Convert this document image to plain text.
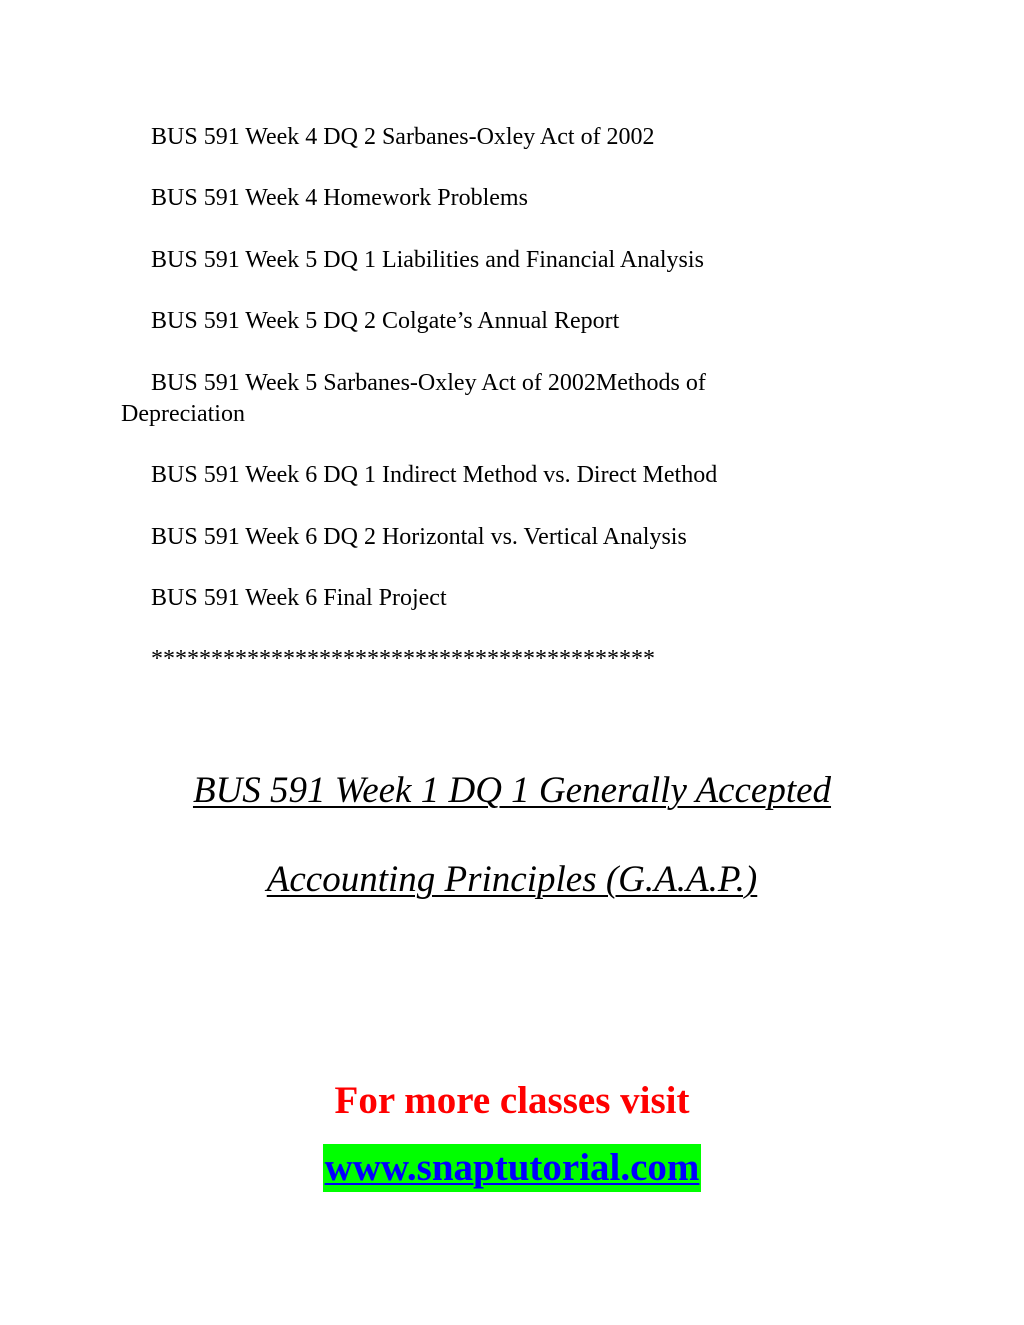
BUS 591 Week 4 DQ 2 Sarbanes-Oxley Act of 2002
BUS 591 Week 4 Homework Problems
BUS 591 Week 5 DQ 1 Liabilities and Financial Analysis
BUS 591 Week 5 DQ 2 Colgate’s Annual Report
BUS 591 Week 5 Sarbanes-Oxley Act of 2002Methods of Depreciation
BUS 591 Week 6 DQ 1 Indirect Method vs. Direct Method
BUS 591 Week 6 DQ 2 Horizontal vs. Vertical Analysis
BUS 591 Week 6 Final Project
******************************************
BUS 591 Week 1 DQ 1 Generally Accepted
Accounting Principles (G.A.A.P.)
For more classes visit
www.snaptutorial.com
